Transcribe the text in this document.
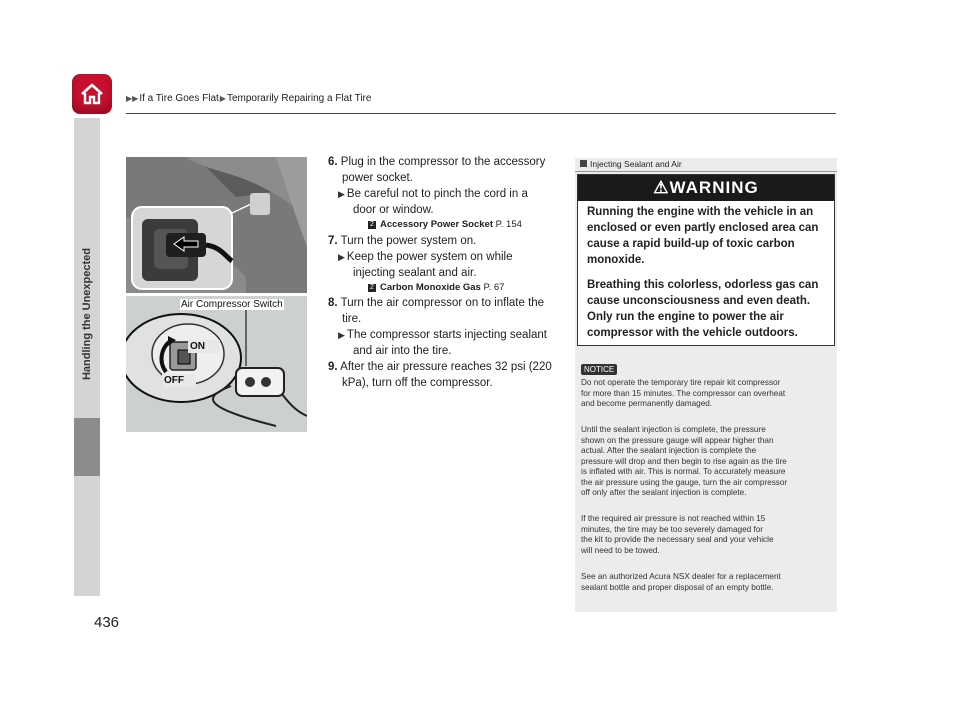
▶▶If a Tire Goes Flat▶Temporarily Repairing a Flat Tire
Handling the Unexpected
436
ON
OFF
Air Compressor Switch
6. Plug in the compressor to the accessory
power socket.
▶ Be careful not to pinch the cord in a
door or window.
2 Accessory Power Socket P. 154
7. Turn the power system on.
▶ Keep the power system on while
injecting sealant and air.
2 Carbon Monoxide Gas P. 67
8. Turn the air compressor on to inflate the
tire.
▶ The compressor starts injecting sealant
and air into the tire.
9. After the air pressure reaches 32 psi (220
kPa), turn off the compressor.
Injecting Sealant and Air
⚠WARNING
Running the engine with the vehicle in an
enclosed or even partly enclosed area can
cause a rapid build-up of toxic carbon
monoxide.
Breathing this colorless, odorless gas can
cause unconsciousness and even death.
Only run the engine to power the air
compressor with the vehicle outdoors.
NOTICE
Do not operate the temporary tire repair kit compressor
for more than 15 minutes. The compressor can overheat
and become permanently damaged.
Until the sealant injection is complete, the pressure
shown on the pressure gauge will appear higher than
actual. After the sealant injection is complete the
pressure will drop and then begin to rise again as the tire
is inflated with air. This is normal. To accurately measure
the air pressure using the gauge, turn the air compressor
off only after the sealant injection is complete.
If the required air pressure is not reached within 15
minutes, the tire may be too severely damaged for
the kit to provide the necessary seal and your vehicle
will need to be towed.
See an authorized Acura NSX dealer for a replacement
sealant bottle and proper disposal of an empty bottle.
